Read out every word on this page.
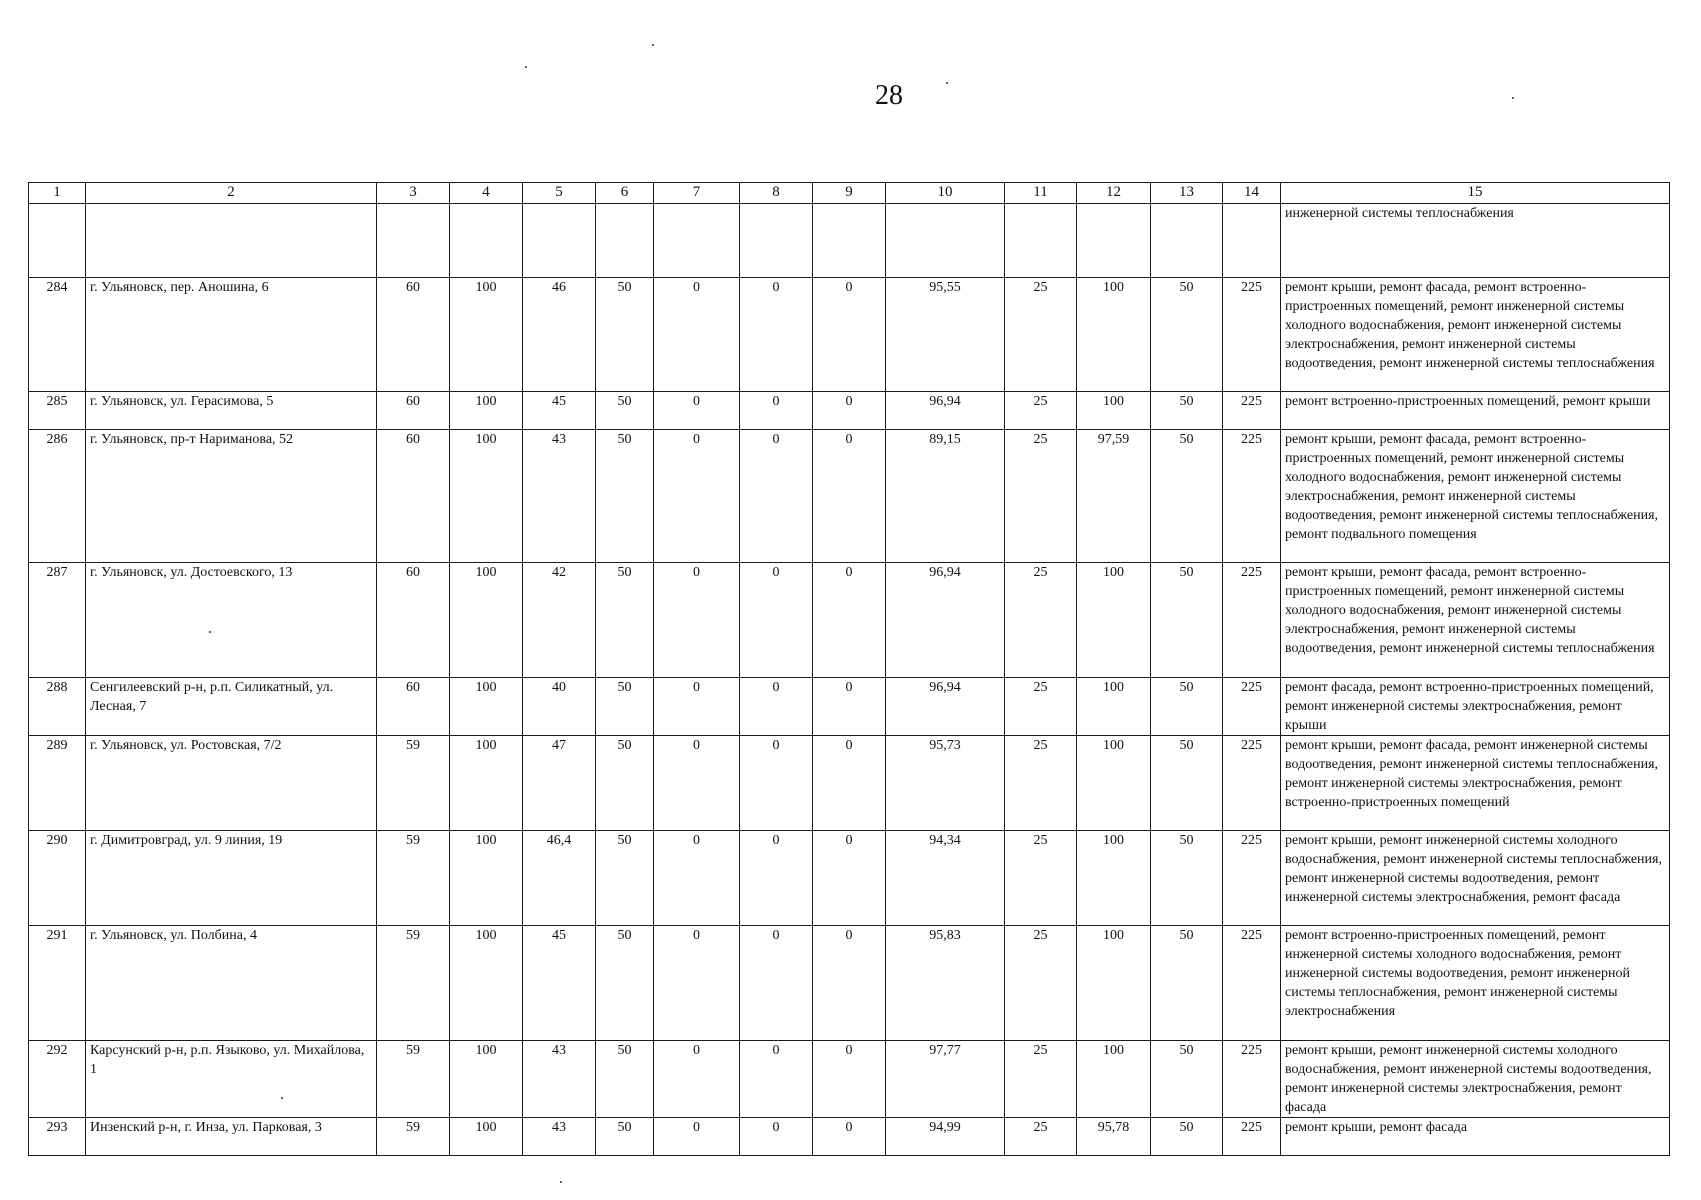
28
1	2	3	4	5	6	7	8	9	10	11	12	13	14	15
														инженерной системы теплоснабжения
284	г. Ульяновск, пер. Аношина, 6	60	100	46	50	0	0	0	95,55	25	100	50	225	ремонт крыши, ремонт фасада, ремонт встроенно-пристроенных помещений, ремонт инженерной системы холодного водоснабжения, ремонт инженерной системы электроснабжения, ремонт инженерной системы водоотведения, ремонт инженерной системы теплоснабжения
285	г. Ульяновск, ул. Герасимова, 5	60	100	45	50	0	0	0	96,94	25	100	50	225	ремонт встроенно-пристроенных помещений, ремонт крыши
286	г. Ульяновск, пр-т Нариманова, 52	60	100	43	50	0	0	0	89,15	25	97,59	50	225	ремонт крыши, ремонт фасада, ремонт встроенно-пристроенных помещений, ремонт инженерной системы холодного водоснабжения, ремонт инженерной системы электроснабжения, ремонт инженерной системы водоотведения, ремонт инженерной системы теплоснабжения, ремонт подвального помещения
287	г. Ульяновск, ул. Достоевского, 13	60	100	42	50	0	0	0	96,94	25	100	50	225	ремонт крыши, ремонт фасада, ремонт встроенно-пристроенных помещений, ремонт инженерной системы холодного водоснабжения, ремонт инженерной системы электроснабжения, ремонт инженерной системы водоотведения, ремонт инженерной системы теплоснабжения
288	Сенгилеевский р-н, р.п. Силикатный, ул. Лесная, 7	60	100	40	50	0	0	0	96,94	25	100	50	225	ремонт фасада, ремонт встроенно-пристроенных помещений, ремонт инженерной системы электроснабжения, ремонт крыши
289	г. Ульяновск, ул. Ростовская, 7/2	59	100	47	50	0	0	0	95,73	25	100	50	225	ремонт крыши, ремонт фасада, ремонт инженерной системы водоотведения, ремонт инженерной системы теплоснабжения, ремонт инженерной системы электроснабжения, ремонт встроенно-пристроенных помещений
290	г. Димитровград, ул. 9 линия, 19	59	100	46,4	50	0	0	0	94,34	25	100	50	225	ремонт крыши, ремонт инженерной системы холодного водоснабжения, ремонт инженерной системы теплоснабжения, ремонт инженерной системы водоотведения, ремонт инженерной системы электроснабжения, ремонт фасада
291	г. Ульяновск, ул. Полбина, 4	59	100	45	50	0	0	0	95,83	25	100	50	225	ремонт встроенно-пристроенных помещений, ремонт инженерной системы холодного водоснабжения, ремонт инженерной системы водоотведения, ремонт инженерной системы теплоснабжения, ремонт инженерной системы электроснабжения
292	Карсунский р-н, р.п. Языково, ул. Михайлова, 1	59	100	43	50	0	0	0	97,77	25	100	50	225	ремонт крыши, ремонт инженерной системы холодного водоснабжения, ремонт инженерной системы водоотведения, ремонт инженерной системы электроснабжения, ремонт фасада
293	Инзенский р-н, г. Инза, ул. Парковая, 3	59	100	43	50	0	0	0	94,99	25	95,78	50	225	ремонт крыши, ремонт фасада
